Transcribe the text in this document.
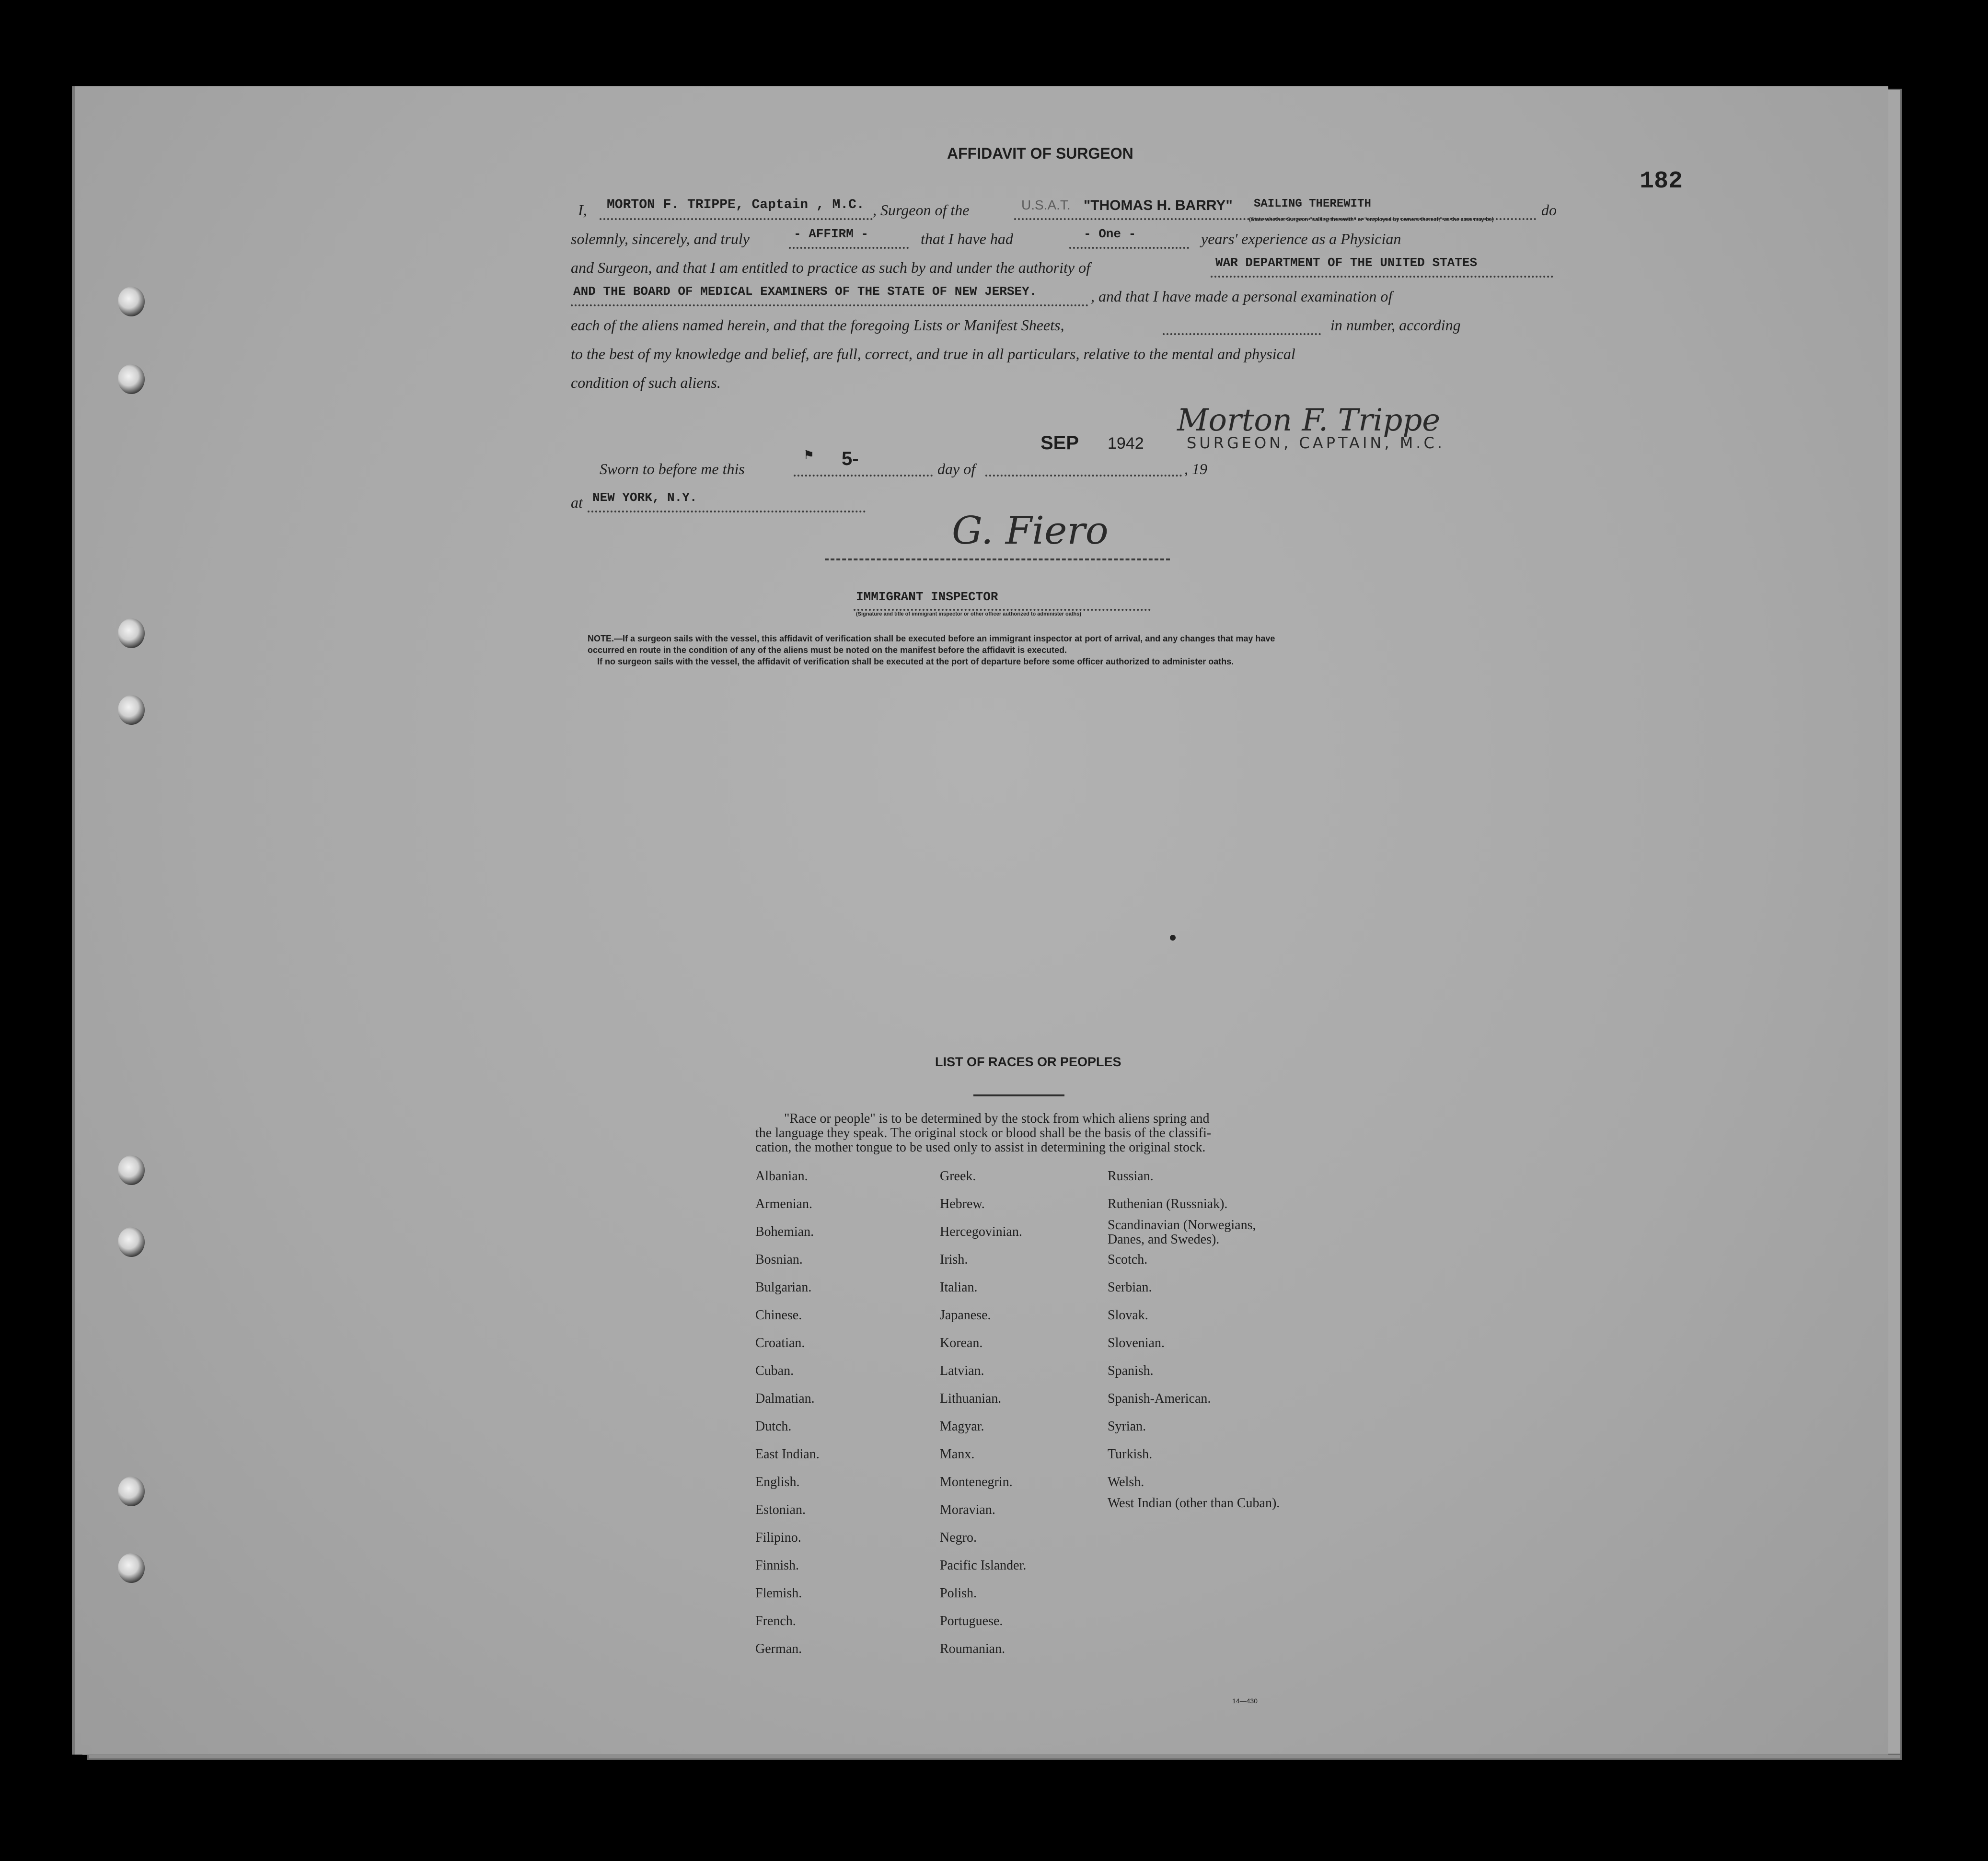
182
AFFIDAVIT OF SURGEON
I, MORTON F. TRIPPE, Captain , M.C. , Surgeon of the	U.S.A.T. "THOMAS H. BARRY" SAILING THEREWITH
(State whether Surgeon "sailing therewith" or "employed by owners thereof," as the case may be)
do
solemnly, sincerely, and truly	- AFFIRM -	that I have had	- One -	years' experience as a Physician
and Surgeon, and that I am entitled to practice as such by and under the authority of	WAR DEPARTMENT OF THE UNITED STATES
AND THE BOARD OF MEDICAL EXAMINERS OF THE STATE OF NEW JERSEY.	, and that I have made a personal examination of
each of the aliens named herein, and that the foregoing Lists or Manifest Sheets,	in number, according
to the best of my knowledge and belief, are full, correct, and true in all particulars, relative to the mental and physical
condition of such aliens.
Morton F. Trippe
SURGEON, CAPTAIN, M.C.
Sworn to before me this
⚑ 5-	day of
SEP 1942
, 19
at NEW YORK, N.Y.
G. Fiero
IMMIGRANT INSPECTOR
(Signature and title of immigrant inspector or other officer authorized to administer oaths)
NOTE.—If a surgeon sails with the vessel, this affidavit of verification shall be executed before an immigrant inspector at port of arrival, and any changes that may have
occurred en route in the condition of any of the aliens must be noted on the manifest before the affidavit is executed.
If no surgeon sails with the vessel, the affidavit of verification shall be executed at the port of departure before some officer authorized to administer oaths.
LIST OF RACES OR PEOPLES
"Race or people" is to be determined by the stock from which aliens spring and
the language they speak. The original stock or blood shall be the basis of the classifi-
cation, the mother tongue to be used only to assist in determining the original stock.
Albanian.
Armenian.
Bohemian.
Bosnian.
Bulgarian.
Chinese.
Croatian.
Cuban.
Dalmatian.
Dutch.
East Indian.
English.
Estonian.
Filipino.
Finnish.
Flemish.
French.
German.
Greek.
Hebrew.
Hercegovinian.
Irish.
Italian.
Japanese.
Korean.
Latvian.
Lithuanian.
Magyar.
Manx.
Montenegrin.
Moravian.
Negro.
Pacific Islander.
Polish.
Portuguese.
Roumanian.
Russian.
Ruthenian (Russniak).
Scandinavian (Norwegians, Danes, and Swedes).
Scotch.
Serbian.
Slovak.
Slovenian.
Spanish.
Spanish-American.
Syrian.
Turkish.
Welsh.
West Indian (other than Cuban).
14—430
